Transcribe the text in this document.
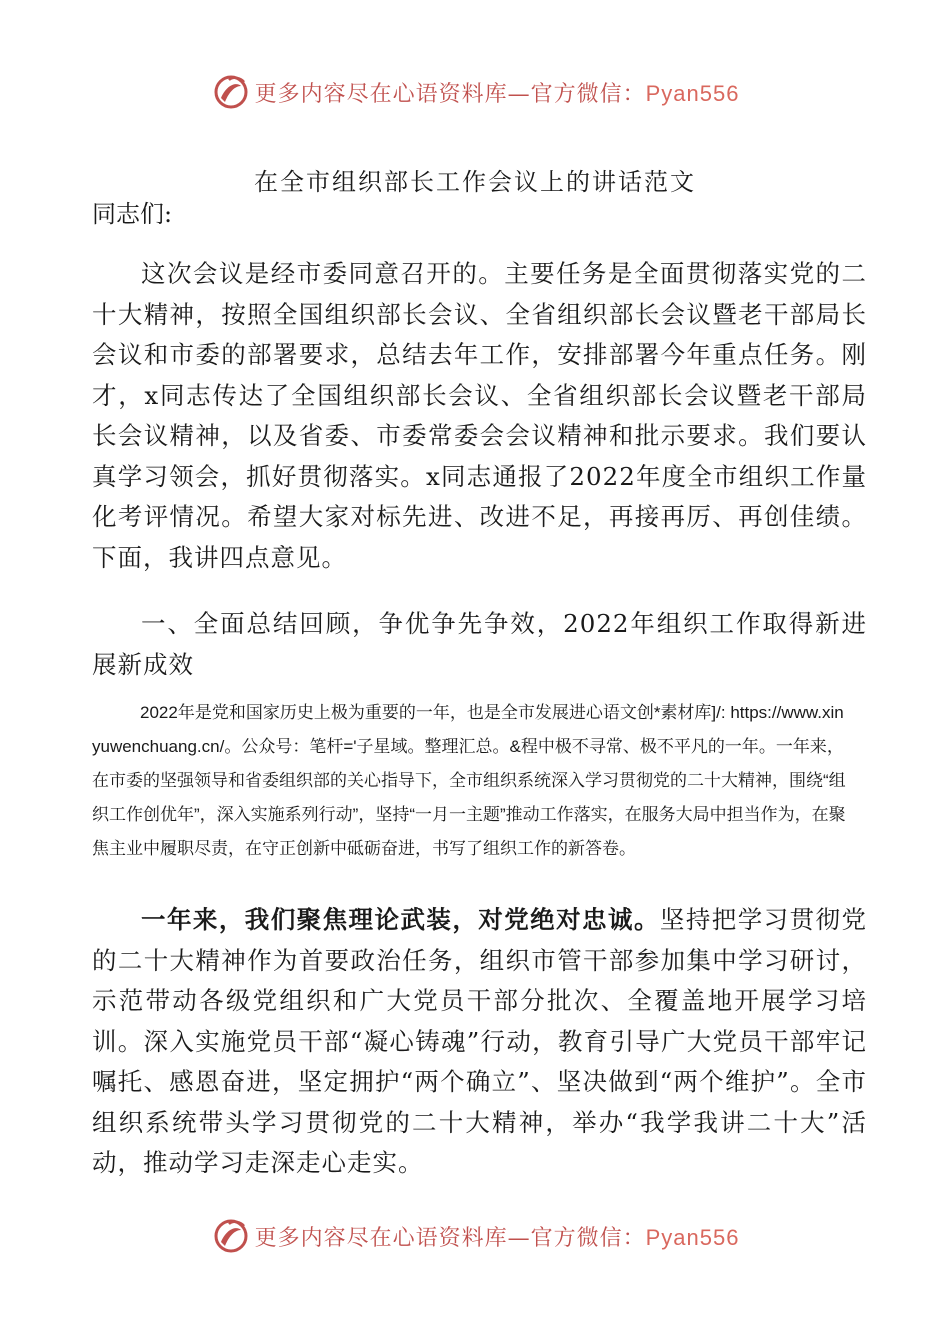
更多内容尽在心语资料库—官方微信：Pyan556
在全市组织部长工作会议上的讲话范文
同志们:
这次会议是经市委同意召开的。主要任务是全面贯彻落实党的二十大精神，按照全国组织部长会议、全省组织部长会议暨老干部局长会议和市委的部署要求，总结去年工作，安排部署今年重点任务。刚才，x同志传达了全国组织部长会议、全省组织部长会议暨老干部局长会议精神，以及省委、市委常委会会议精神和批示要求。我们要认真学习领会，抓好贯彻落实。x同志通报了2022年度全市组织工作量化考评情况。希望大家对标先进、改进不足，再接再厉、再创佳绩。下面，我讲四点意见。
一、全面总结回顾，争优争先争效，2022年组织工作取得新进展新成效
2022年是党和国家历史上极为重要的一年，也是全市发展进心语文创*素材库]/: https://www.xinyuwenchuang.cn/。公众号：笔杆='子星域。整理汇总。&程中极不寻常、极不平凡的一年。一年来，在市委的坚强领导和省委组织部的关心指导下，全市组织系统深入学习贯彻党的二十大精神，围绕“组织工作创优年”，深入实施系列行动”，坚持“一月一主题”推动工作落实，在服务大局中担当作为，在聚焦主业中履职尽责，在守正创新中砥砺奋进，书写了组织工作的新答卷。
一年来，我们聚焦理论武装，对党绝对忠诚。坚持把学习贯彻党的二十大精神作为首要政治任务，组织市管干部参加集中学习研讨，示范带动各级党组织和广大党员干部分批次、全覆盖地开展学习培训。深入实施党员干部“凝心铸魂”行动，教育引导广大党员干部牢记嘱托、感恩奋进，坚定拥护“两个确立”、坚决做到“两个维护”。全市组织系统带头学习贯彻党的二十大精神，举办“我学我讲二十大”活动，推动学习走深走心走实。
更多内容尽在心语资料库—官方微信：Pyan556
